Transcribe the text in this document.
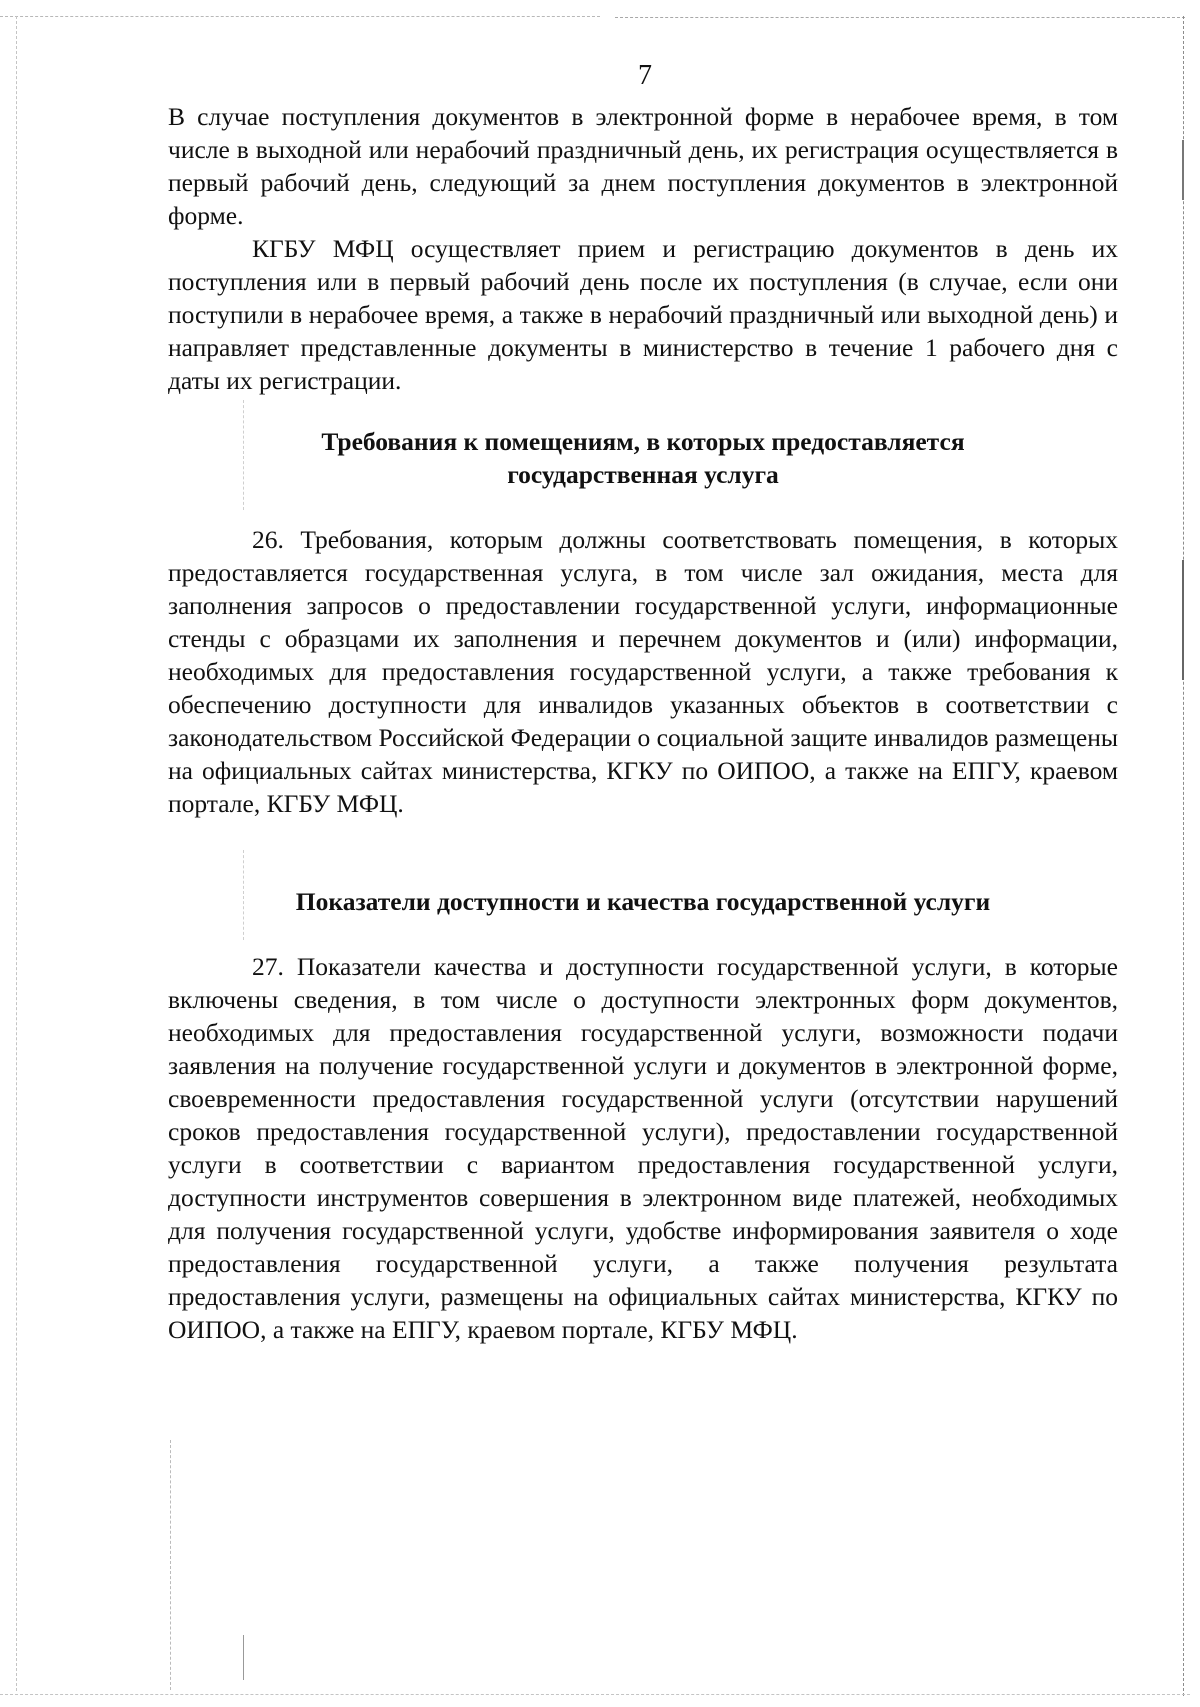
7

В случае поступления документов в электронной форме в нерабочее время, в том числе в выходной или нерабочий праздничный день, их регистрация осуществляется в первый рабочий день, следующий за днем поступления документов в электронной форме.

КГБУ МФЦ осуществляет прием и регистрацию документов в день их поступления или в первый рабочий день после их поступления (в случае, если они поступили в нерабочее время, а также в нерабочий праздничный или выходной день) и направляет представленные документы в министерство в течение 1 рабочего дня с даты их регистрации.

Требования к помещениям, в которых предоставляется
государственная услуга

26. Требования, которым должны соответствовать помещения, в которых предоставляется государственная услуга, в том числе зал ожидания, места для заполнения запросов о предоставлении государственной услуги, информационные стенды с образцами их заполнения и перечнем документов и (или) информации, необходимых для предоставления государственной услуги, а также требования к обеспечению доступности для инвалидов указанных объектов в соответствии с законодательством Российской Федерации о социальной защите инвалидов размещены на официальных сайтах министерства, КГКУ по ОИПОО, а также на ЕПГУ, краевом портале, КГБУ МФЦ.

Показатели доступности и качества государственной услуги

27. Показатели качества и доступности государственной услуги, в которые включены сведения, в том числе о доступности электронных форм документов, необходимых для предоставления государственной услуги, возможности подачи заявления на получение государственной услуги и документов в электронной форме, своевременности предоставления государственной услуги (отсутствии нарушений сроков предоставления государственной услуги), предоставлении государственной услуги в соответствии с вариантом предоставления государственной услуги, доступности инструментов совершения в электронном виде платежей, необходимых для получения государственной услуги, удобстве информирования заявителя о ходе предоставления государственной услуги, а также получения результата предоставления услуги, размещены на официальных сайтах министерства, КГКУ по ОИПОО, а также на ЕПГУ, краевом портале, КГБУ МФЦ.
